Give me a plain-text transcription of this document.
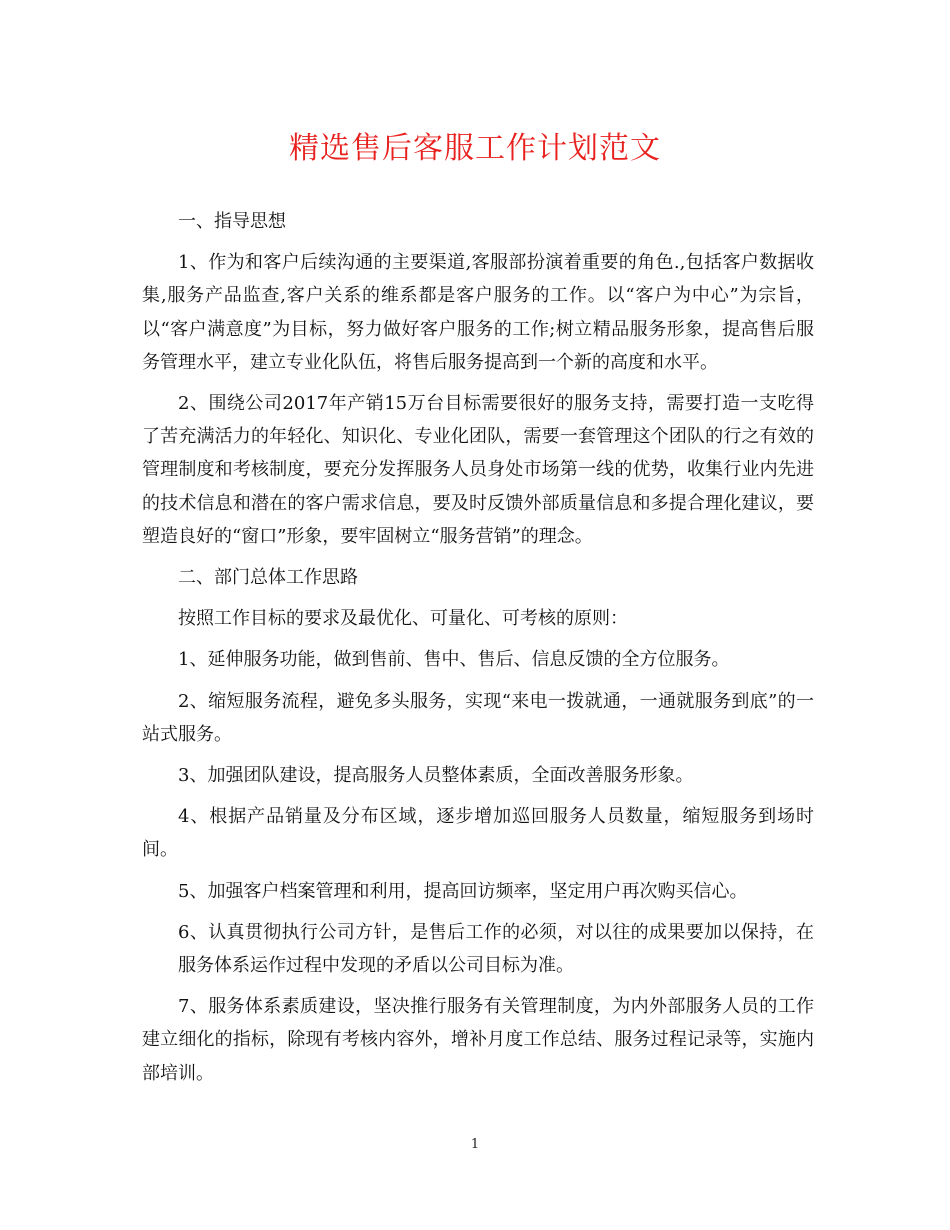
精选售后客服工作计划范文

一、指导思想

1、作为和客户后续沟通的主要渠道,客服部扮演着重要的角色.,包括客户数据收集,服务产品监查,客户关系的维系都是客户服务的工作。以“客户为中心”为宗旨，以“客户满意度”为目标，努力做好客户服务的工作;树立精品服务形象，提高售后服务管理水平，建立专业化队伍，将售后服务提高到一个新的高度和水平。

2、围绕公司2017年产销15万台目标需要很好的服务支持，需要打造一支吃得了苦充满活力的年轻化、知识化、专业化团队，需要一套管理这个团队的行之有效的管理制度和考核制度，要充分发挥服务人员身处市场第一线的优势，收集行业内先进的技术信息和潜在的客户需求信息，要及时反馈外部质量信息和多提合理化建议，要塑造良好的“窗口”形象，要牢固树立“服务营销”的理念。

二、部门总体工作思路

按照工作目标的要求及最优化、可量化、可考核的原则：

1、延伸服务功能，做到售前、售中、售后、信息反馈的全方位服务。

2、缩短服务流程，避免多头服务，实现“来电一拨就通，一通就服务到底”的一站式服务。

3、加强团队建设，提高服务人员整体素质，全面改善服务形象。

4、根据产品销量及分布区域，逐步增加巡回服务人员数量，缩短服务到场时间。

5、加强客户档案管理和利用，提高回访频率，坚定用户再次购买信心。

6、认真贯彻执行公司方针，是售后工作的必须，对以往的成果要加以保持，在服务体系运作过程中发现的矛盾以公司目标为准。

7、服务体系素质建设，坚决推行服务有关管理制度，为内外部服务人员的工作建立细化的指标，除现有考核内容外，增补月度工作总结、服务过程记录等，实施内部培训。

1
